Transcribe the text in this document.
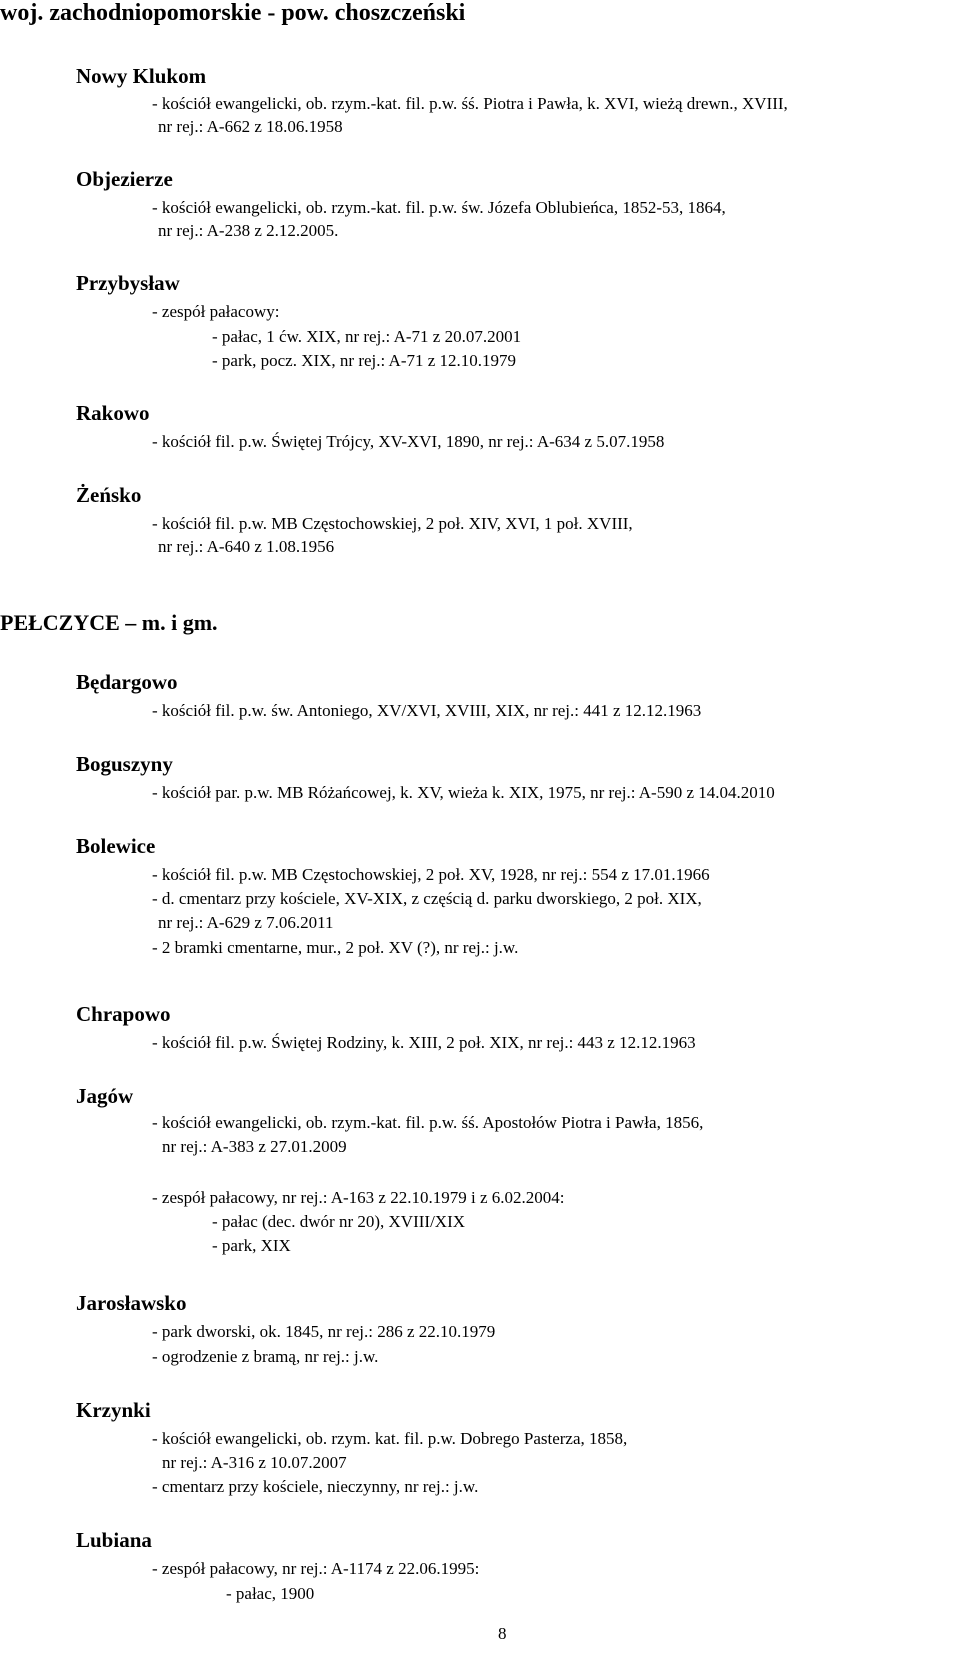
woj. zachodniopomorskie - pow. choszczeński
Nowy Klukom
- kościół ewangelicki, ob. rzym.-kat. fil. p.w. śś. Piotra i Pawła, k. XVI, wieżą drewn., XVIII,
nr rej.: A-662 z 18.06.1958
Objezierze
- kościół ewangelicki, ob. rzym.-kat. fil. p.w. św. Józefa Oblubieńca, 1852-53, 1864,
nr rej.: A-238 z 2.12.2005.
Przybysław
- zespół pałacowy:
- pałac, 1 ćw. XIX, nr rej.: A-71 z 20.07.2001
- park, pocz. XIX, nr rej.: A-71 z 12.10.1979
Rakowo
- kościół fil. p.w. Świętej Trójcy, XV-XVI, 1890, nr rej.: A-634 z 5.07.1958
Żeńsko
- kościół fil. p.w. MB Częstochowskiej, 2 poł. XIV, XVI, 1 poł. XVIII,
nr rej.: A-640 z 1.08.1956
PEŁCZYCE – m. i gm.
Będargowo
- kościół fil. p.w. św. Antoniego, XV/XVI, XVIII, XIX, nr rej.: 441 z 12.12.1963
Boguszyny
- kościół par. p.w. MB Różańcowej, k. XV, wieża k. XIX, 1975, nr rej.: A-590 z 14.04.2010
Bolewice
- kościół fil. p.w. MB Częstochowskiej, 2 poł. XV, 1928, nr rej.: 554 z 17.01.1966
- d. cmentarz przy kościele, XV-XIX, z częścią d. parku dworskiego, 2 poł. XIX,
nr rej.: A-629 z 7.06.2011
- 2 bramki cmentarne, mur., 2 poł. XV (?), nr rej.: j.w.
Chrapowo
- kościół fil. p.w. Świętej Rodziny, k. XIII, 2 poł. XIX, nr rej.: 443 z 12.12.1963
Jagów
- kościół ewangelicki, ob. rzym.-kat. fil. p.w. śś. Apostołów Piotra i Pawła, 1856,
nr rej.: A-383 z 27.01.2009
- zespół pałacowy, nr rej.: A-163 z 22.10.1979 i z 6.02.2004:
- pałac (dec. dwór nr 20), XVIII/XIX
- park, XIX
Jarosławsko
- park dworski, ok. 1845, nr rej.: 286 z 22.10.1979
- ogrodzenie z bramą, nr rej.: j.w.
Krzynki
- kościół ewangelicki, ob. rzym. kat. fil. p.w. Dobrego Pasterza, 1858,
nr rej.: A-316 z 10.07.2007
- cmentarz przy kościele, nieczynny, nr rej.: j.w.
Lubiana
- zespół pałacowy, nr rej.: A-1174 z 22.06.1995:
- pałac, 1900
8
